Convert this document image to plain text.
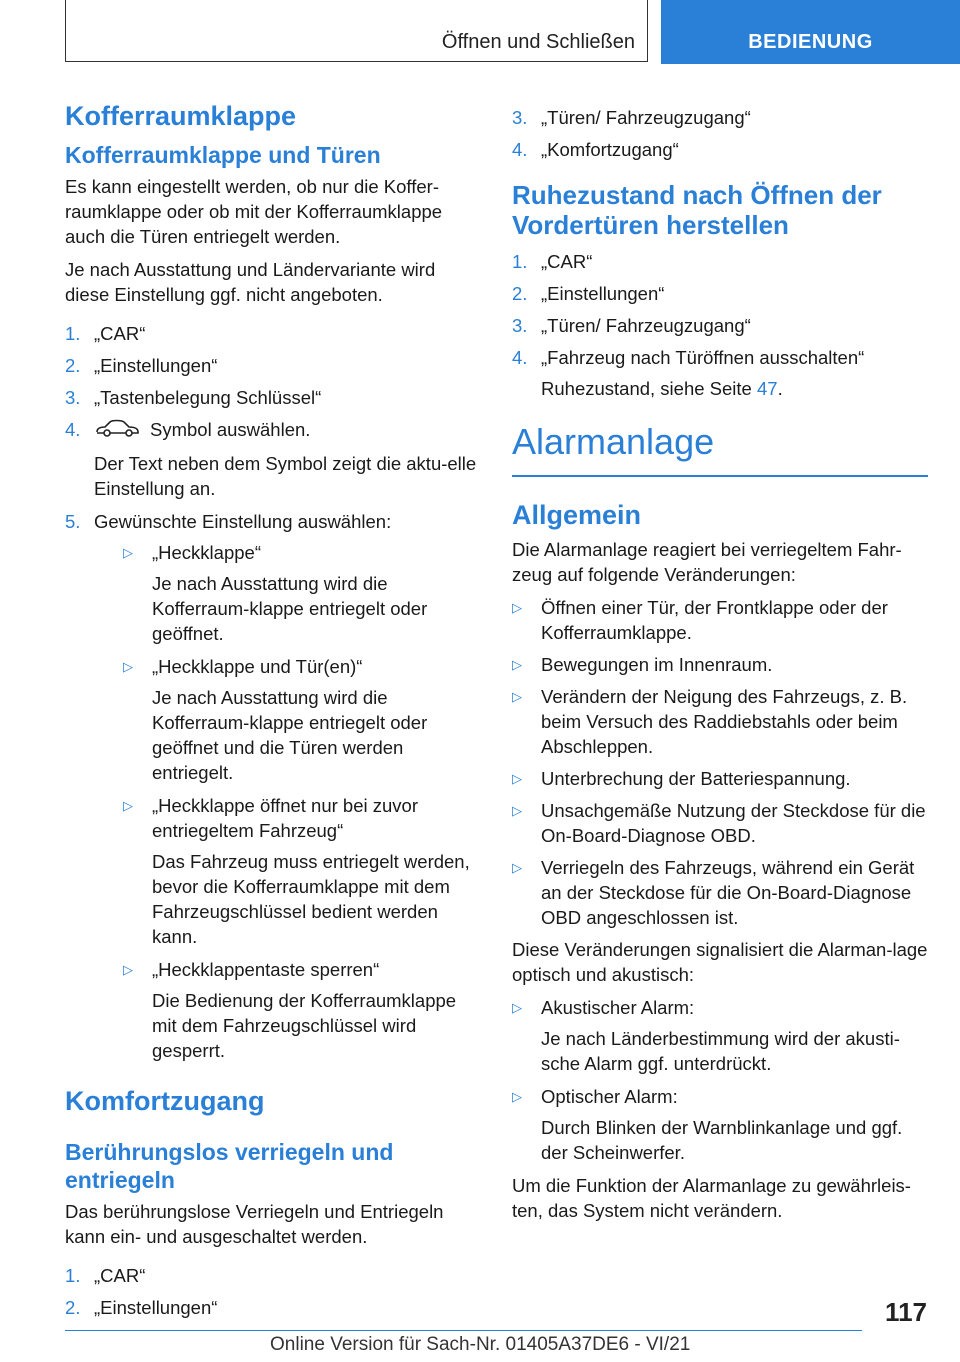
Öffnen und Schließen	BEDIENUNG
Kofferraumklappe
Kofferraumklappe und Türen

Es kann eingestellt werden, ob nur die Koffer-raumklappe oder ob mit der Kofferraumklappe auch die Türen entriegelt werden.

Je nach Ausstattung und Ländervariante wird diese Einstellung ggf. nicht angeboten.

1. „CAR“
2. „Einstellungen“
3. „Tastenbelegung Schlüssel“
4.	Symbol auswählen.
Der Text neben dem Symbol zeigt die aktu-elle Einstellung an.
5. Gewünschte Einstellung auswählen:
▷ „Heckklappe“
Je nach Ausstattung wird die Kofferraum-klappe entriegelt oder geöffnet.
▷ „Heckklappe und Tür(en)“
Je nach Ausstattung wird die Kofferraum-klappe entriegelt oder geöffnet und die Türen werden entriegelt.
▷ „Heckklappe öffnet nur bei zuvor entriegeltem Fahrzeug“
Das Fahrzeug muss entriegelt werden, bevor die Kofferraumklappe mit dem Fahrzeugschlüssel bedient werden kann.
▷ „Heckklappentaste sperren“
Die Bedienung der Kofferraumklappe mit dem Fahrzeugschlüssel wird gesperrt.
Komfortzugang
Berührungslos verriegeln und entriegeln

Das berührungslose Verriegeln und Entriegeln kann ein- und ausgeschaltet werden.

1. „CAR“
2. „Einstellungen“
3. „Türen/ Fahrzeugzugang“
4. „Komfortzugang“
Ruhezustand nach Öffnen der Vordertüren herstellen
1. „CAR“
2. „Einstellungen“
3. „Türen/ Fahrzeugzugang“
4. „Fahrzeug nach Türöffnen ausschalten“
Ruhezustand, siehe Seite 47.
Alarmanlage
Allgemein

Die Alarmanlage reagiert bei verriegeltem Fahr-zeug auf folgende Veränderungen:

▷ Öffnen einer Tür, der Frontklappe oder der Kofferraumklappe.
▷ Bewegungen im Innenraum.
▷ Verändern der Neigung des Fahrzeugs, z. B. beim Versuch des Raddiebstahls oder beim Abschleppen.
▷ Unterbrechung der Batteriespannung.
▷ Unsachgemäße Nutzung der Steckdose für die On-Board-Diagnose OBD.
▷ Verriegeln des Fahrzeugs, während ein Gerät an der Steckdose für die On-Board-Diagnose OBD angeschlossen ist.

Diese Veränderungen signalisiert die Alarman-lage optisch und akustisch:

▷ Akustischer Alarm:
Je nach Länderbestimmung wird der akusti-sche Alarm ggf. unterdrückt.
▷ Optischer Alarm:
Durch Blinken der Warnblinkanlage und ggf. der Scheinwerfer.

Um die Funktion der Alarmanlage zu gewährleis-ten, das System nicht verändern.

117
Online Version für Sach-Nr. 01405A37DE6 - VI/21
